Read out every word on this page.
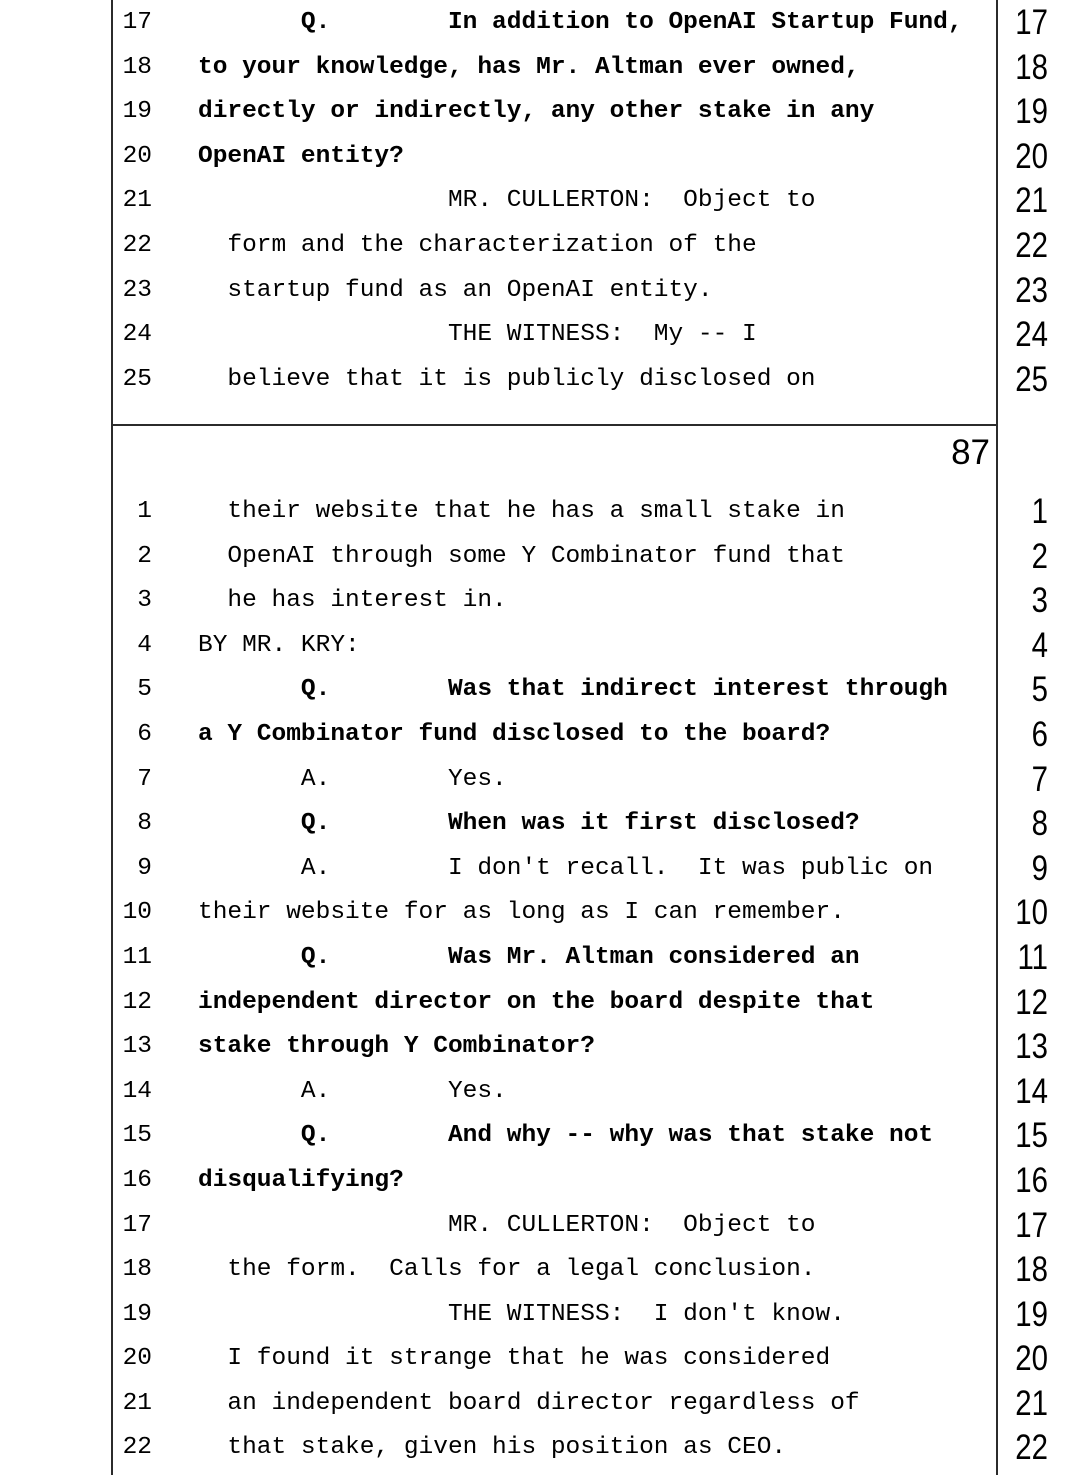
87
17 Q.        In addition to OpenAI Startup Fund, 17
18 to your knowledge, has Mr. Altman ever owned,	18
19 directly or indirectly, any other stake in any	19
20 OpenAI entity?	20
21 MR. CULLERTON:  Object to	21
22 form and the characterization of the	22
23 startup fund as an OpenAI entity.	23
24 THE WITNESS:  My -- I	24
25 believe that it is publicly disclosed on	25
1 their website that he has a small stake in	1
2 OpenAI through some Y Combinator fund that	2
3 he has interest in.	3
4 BY MR. KRY:	4
5 Q.        Was that indirect interest through	5
6 a Y Combinator fund disclosed to the board?	6
7 A.        Yes.	7
8 Q.        When was it first disclosed?	8
9 A.        I don't recall.  It was public on	9
10 their website for as long as I can remember.	10
11 Q.        Was Mr. Altman considered an	11
12 independent director on the board despite that	12
13 stake through Y Combinator?	13
14 A.        Yes.	14
15 Q.        And why -- why was that stake not 15
16 disqualifying?	16
17 MR. CULLERTON:  Object to	17
18 the form.  Calls for a legal conclusion.	18
19 THE WITNESS:  I don't know.	19
20 I found it strange that he was considered	20
21 an independent board director regardless of	21
22 that stake, given his position as CEO.	22
